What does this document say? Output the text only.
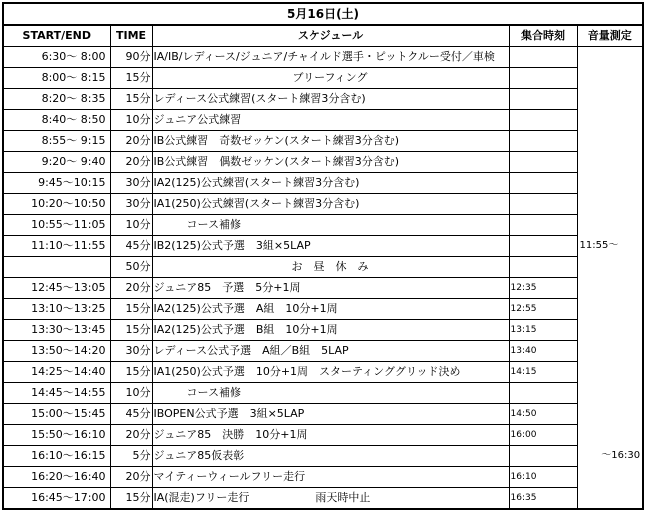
5月16日(土)				
START/END	TIME	スケジュール	集合時刻	音量測定
6:30～ 8:00	90分	IA/IB/レディース/ジュニア/チャイルド選手・ピットクルー受付／車検		
8:00～ 8:15	15分	ブリーフィング		
8:20～ 8:35	15分	レディース公式練習(スタート練習3分含む)		
8:40～ 8:50	10分	ジュニア公式練習		
8:55～ 9:15	20分	IB公式練習　奇数ゼッケン(スタート練習3分含む)		
9:20～ 9:40	20分	IB公式練習　偶数ゼッケン(スタート練習3分含む)		
9:45～10:15	30分	IA2(125)公式練習(スタート練習3分含む)		
10:20～10:50	30分	IA1(250)公式練習(スタート練習3分含む)		
10:55～11:05	10分	　　　コース補修		
11:10～11:55	45分	IB2(125)公式予選　3組×5LAP		11:55～
	50分	お　昼　休　み		
12:45～13:05	20分	ジュニア85　予選　5分+1周	12:35	
13:10～13:25	15分	IA2(125)公式予選　A組　10分+1周	12:55	
13:30～13:45	15分	IA2(125)公式予選　B組　10分+1周	13:15	
13:50～14:20	30分	レディース公式予選　A組／B組　5LAP	13:40	
14:25～14:40	15分	IA1(250)公式予選　10分+1周　スターティンググリッド決め	14:15	
14:45～14:55	10分	　　　コース補修		
15:00～15:45	45分	IBOPEN公式予選　3組×5LAP	14:50	
15:50～16:10	20分	ジュニア85　決勝　10分+1周	16:00	
16:10～16:15	5分	ジュニア85仮表彰		～16:30
16:20～16:40	20分	マイティーウィールフリー走行	16:10	
16:45～17:00	15分	IA(混走)フリー走行　　　　　　雨天時中止	16:35	
